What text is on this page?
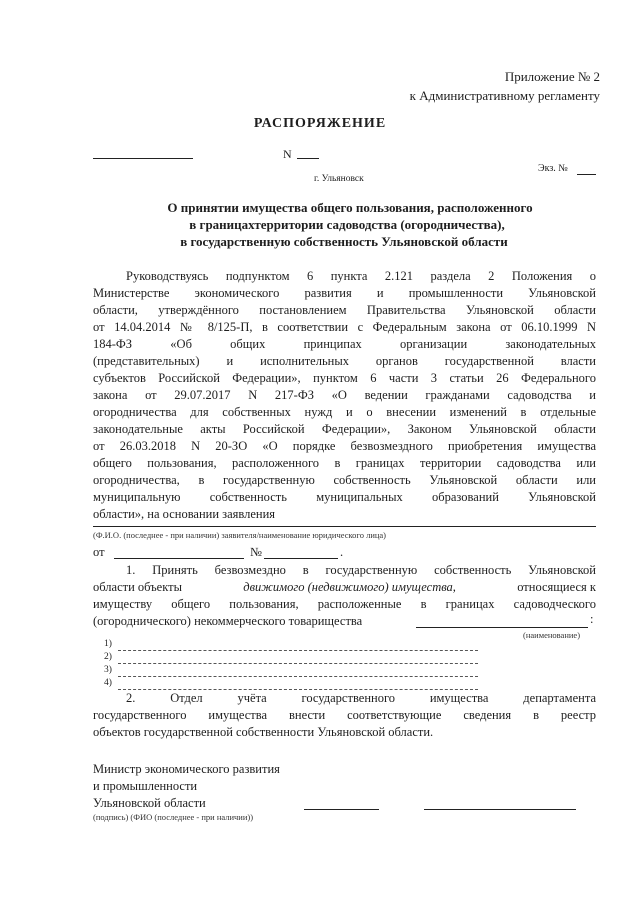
Приложение № 2
к Административному регламенту
РАСПОРЯЖЕНИЕ
N
Экз. №
г. Ульяновск
О принятии имущества общего пользования, расположенного
в границахтерритории садоводства (огородничества),
в государственную собственность Ульяновской области
Руководствуясь подпунктом 6 пункта 2.121 раздела 2 Положения о
Министерстве экономического развития и промышленности Ульяновской
области, утверждённого постановлением Правительства Ульяновской области
от 14.04.2014 № 8/125-П, в соответствии с Федеральным закона от 06.10.1999 N
184-ФЗ «Об общих принципах организации законодательных
(представительных) и исполнительных органов государственной власти
субъектов Российской Федерации», пунктом 6 части 3 статьи 26 Федерального
закона от 29.07.2017 N 217-ФЗ «О ведении гражданами садоводства и
огородничества для собственных нужд и о внесении изменений в отдельные
законодательные акты Российской Федерации», Законом Ульяновской области
от 26.03.2018 N 20-ЗО «О порядке безвозмездного приобретения имущества
общего пользования, расположенного в границах территории садоводства или
огородничества, в государственную собственность Ульяновской области или
муниципальную собственность муниципальных образований Ульяновской
области», на основании заявления
(Ф.И.О. (последнее - при наличии) заявителя/наименование юридического лица)
от	№	.
1. Принять безвозмездно в государственную собственность Ульяновской
области объекты	движимого (недвижимого) имущества,	относящиеся к
имуществу общего пользования, расположенные в границах садоводческого
(огороднического) некоммерческого товарищества	:
(наименование)
1)
2)
3)
4)
2. Отдел учёта государственного имущества департамента
государственного имущества внести соответствующие сведения в реестр
объектов государственной собственности Ульяновской области.
Министр экономического развития
и промышленности
Ульяновской области
(подпись) (ФИО (последнее - при наличии))
